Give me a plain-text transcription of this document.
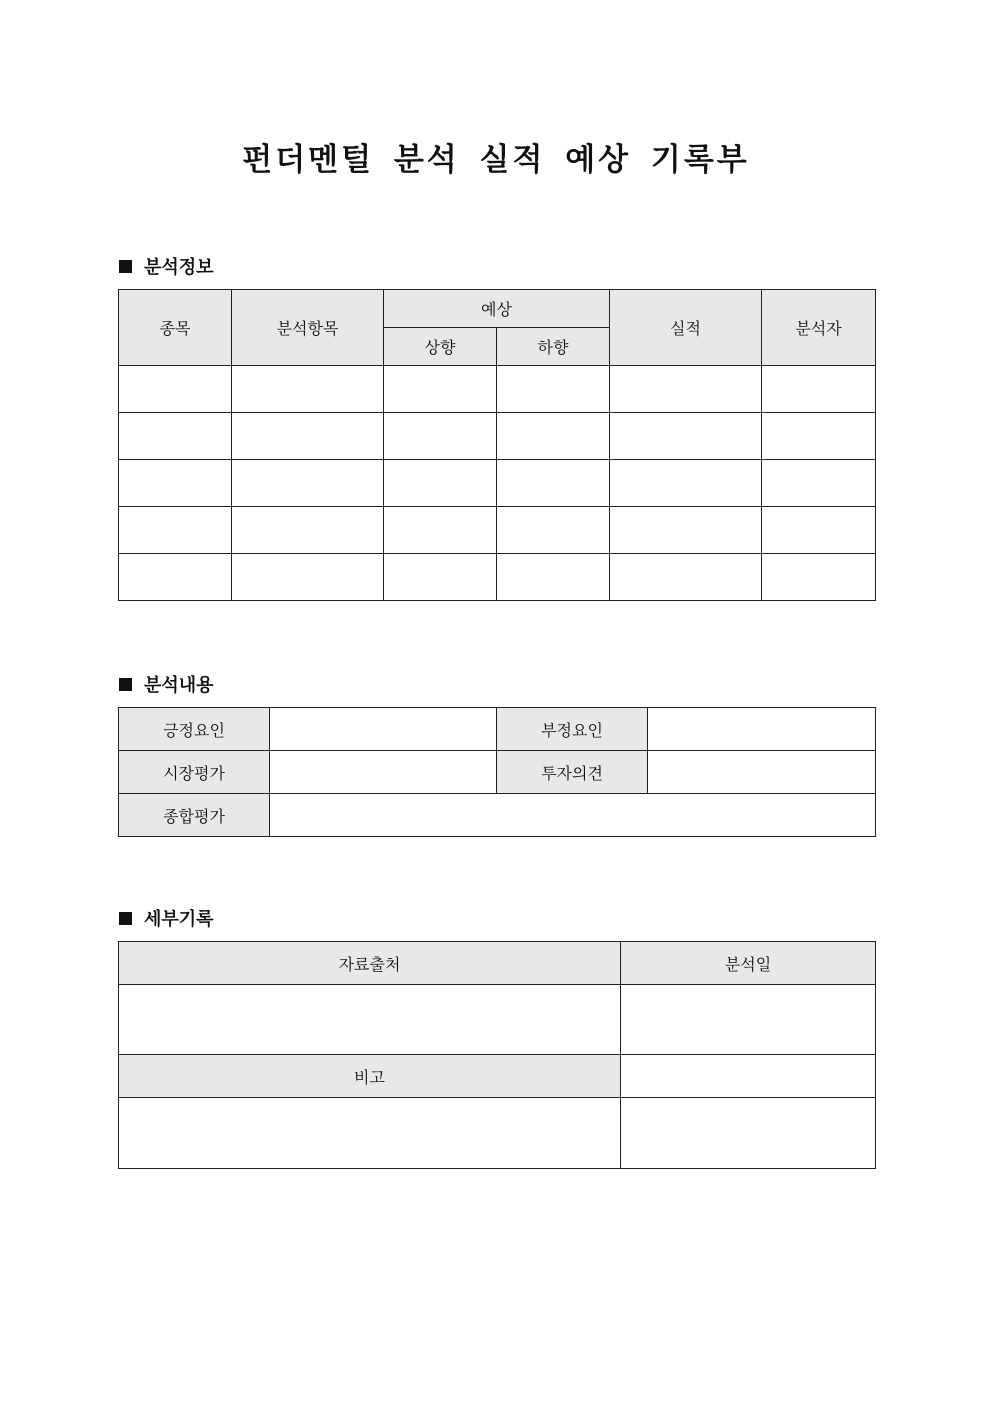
펀더멘털 분석 실적 예상 기록부
분석정보
종목	분석항목	예상		실적	분석자
		상향	하향		

분석내용
긍정요인		부정요인	
시장평가		투자의견	
종합평가			
세부기록
자료출처	분석일

비고	
